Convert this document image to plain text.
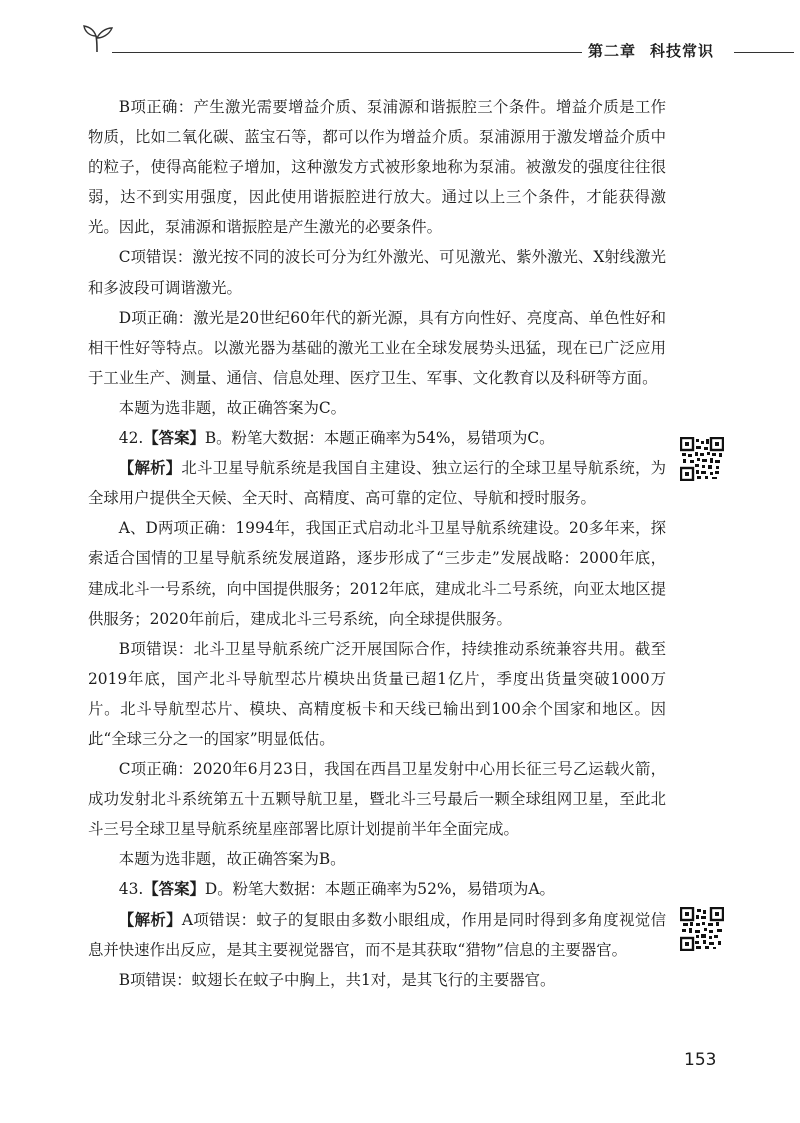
第二章 科技常识

B项正确：产生激光需要增益介质、泵浦源和谐振腔三个条件。增益介质是工作物质，比如二氧化碳、蓝宝石等，都可以作为增益介质。泵浦源用于激发增益介质中的粒子，使得高能粒子增加，这种激发方式被形象地称为泵浦。被激发的强度往往很弱，达不到实用强度，因此使用谐振腔进行放大。通过以上三个条件，才能获得激光。因此，泵浦源和谐振腔是产生激光的必要条件。

C项错误：激光按不同的波长可分为红外激光、可见激光、紫外激光、X射线激光和多波段可调谐激光。

D项正确：激光是20世纪60年代的新光源，具有方向性好、亮度高、单色性好和相干性好等特点。以激光器为基础的激光工业在全球发展势头迅猛，现在已广泛应用于工业生产、测量、通信、信息处理、医疗卫生、军事、文化教育以及科研等方面。

本题为选非题，故正确答案为C。

42.【答案】B。粉笔大数据：本题正确率为54%，易错项为C。

【解析】北斗卫星导航系统是我国自主建设、独立运行的全球卫星导航系统，为全球用户提供全天候、全天时、高精度、高可靠的定位、导航和授时服务。

A、D两项正确：1994年，我国正式启动北斗卫星导航系统建设。20多年来，探索适合国情的卫星导航系统发展道路，逐步形成了“三步走”发展战略：2000年底，建成北斗一号系统，向中国提供服务；2012年底，建成北斗二号系统，向亚太地区提供服务；2020年前后，建成北斗三号系统，向全球提供服务。

B项错误：北斗卫星导航系统广泛开展国际合作，持续推动系统兼容共用。截至2019年底，国产北斗导航型芯片模块出货量已超1亿片，季度出货量突破1000万片。北斗导航型芯片、模块、高精度板卡和天线已输出到100余个国家和地区。因此“全球三分之一的国家”明显低估。

C项正确：2020年6月23日，我国在西昌卫星发射中心用长征三号乙运载火箭，成功发射北斗系统第五十五颗导航卫星，暨北斗三号最后一颗全球组网卫星，至此北斗三号全球卫星导航系统星座部署比原计划提前半年全面完成。

本题为选非题，故正确答案为B。

43.【答案】D。粉笔大数据：本题正确率为52%，易错项为A。

【解析】A项错误：蚊子的复眼由多数小眼组成，作用是同时得到多角度视觉信息并快速作出反应，是其主要视觉器官，而不是其获取“猎物”信息的主要器官。

B项错误：蚊翅长在蚊子中胸上，共1对，是其飞行的主要器官。

153
